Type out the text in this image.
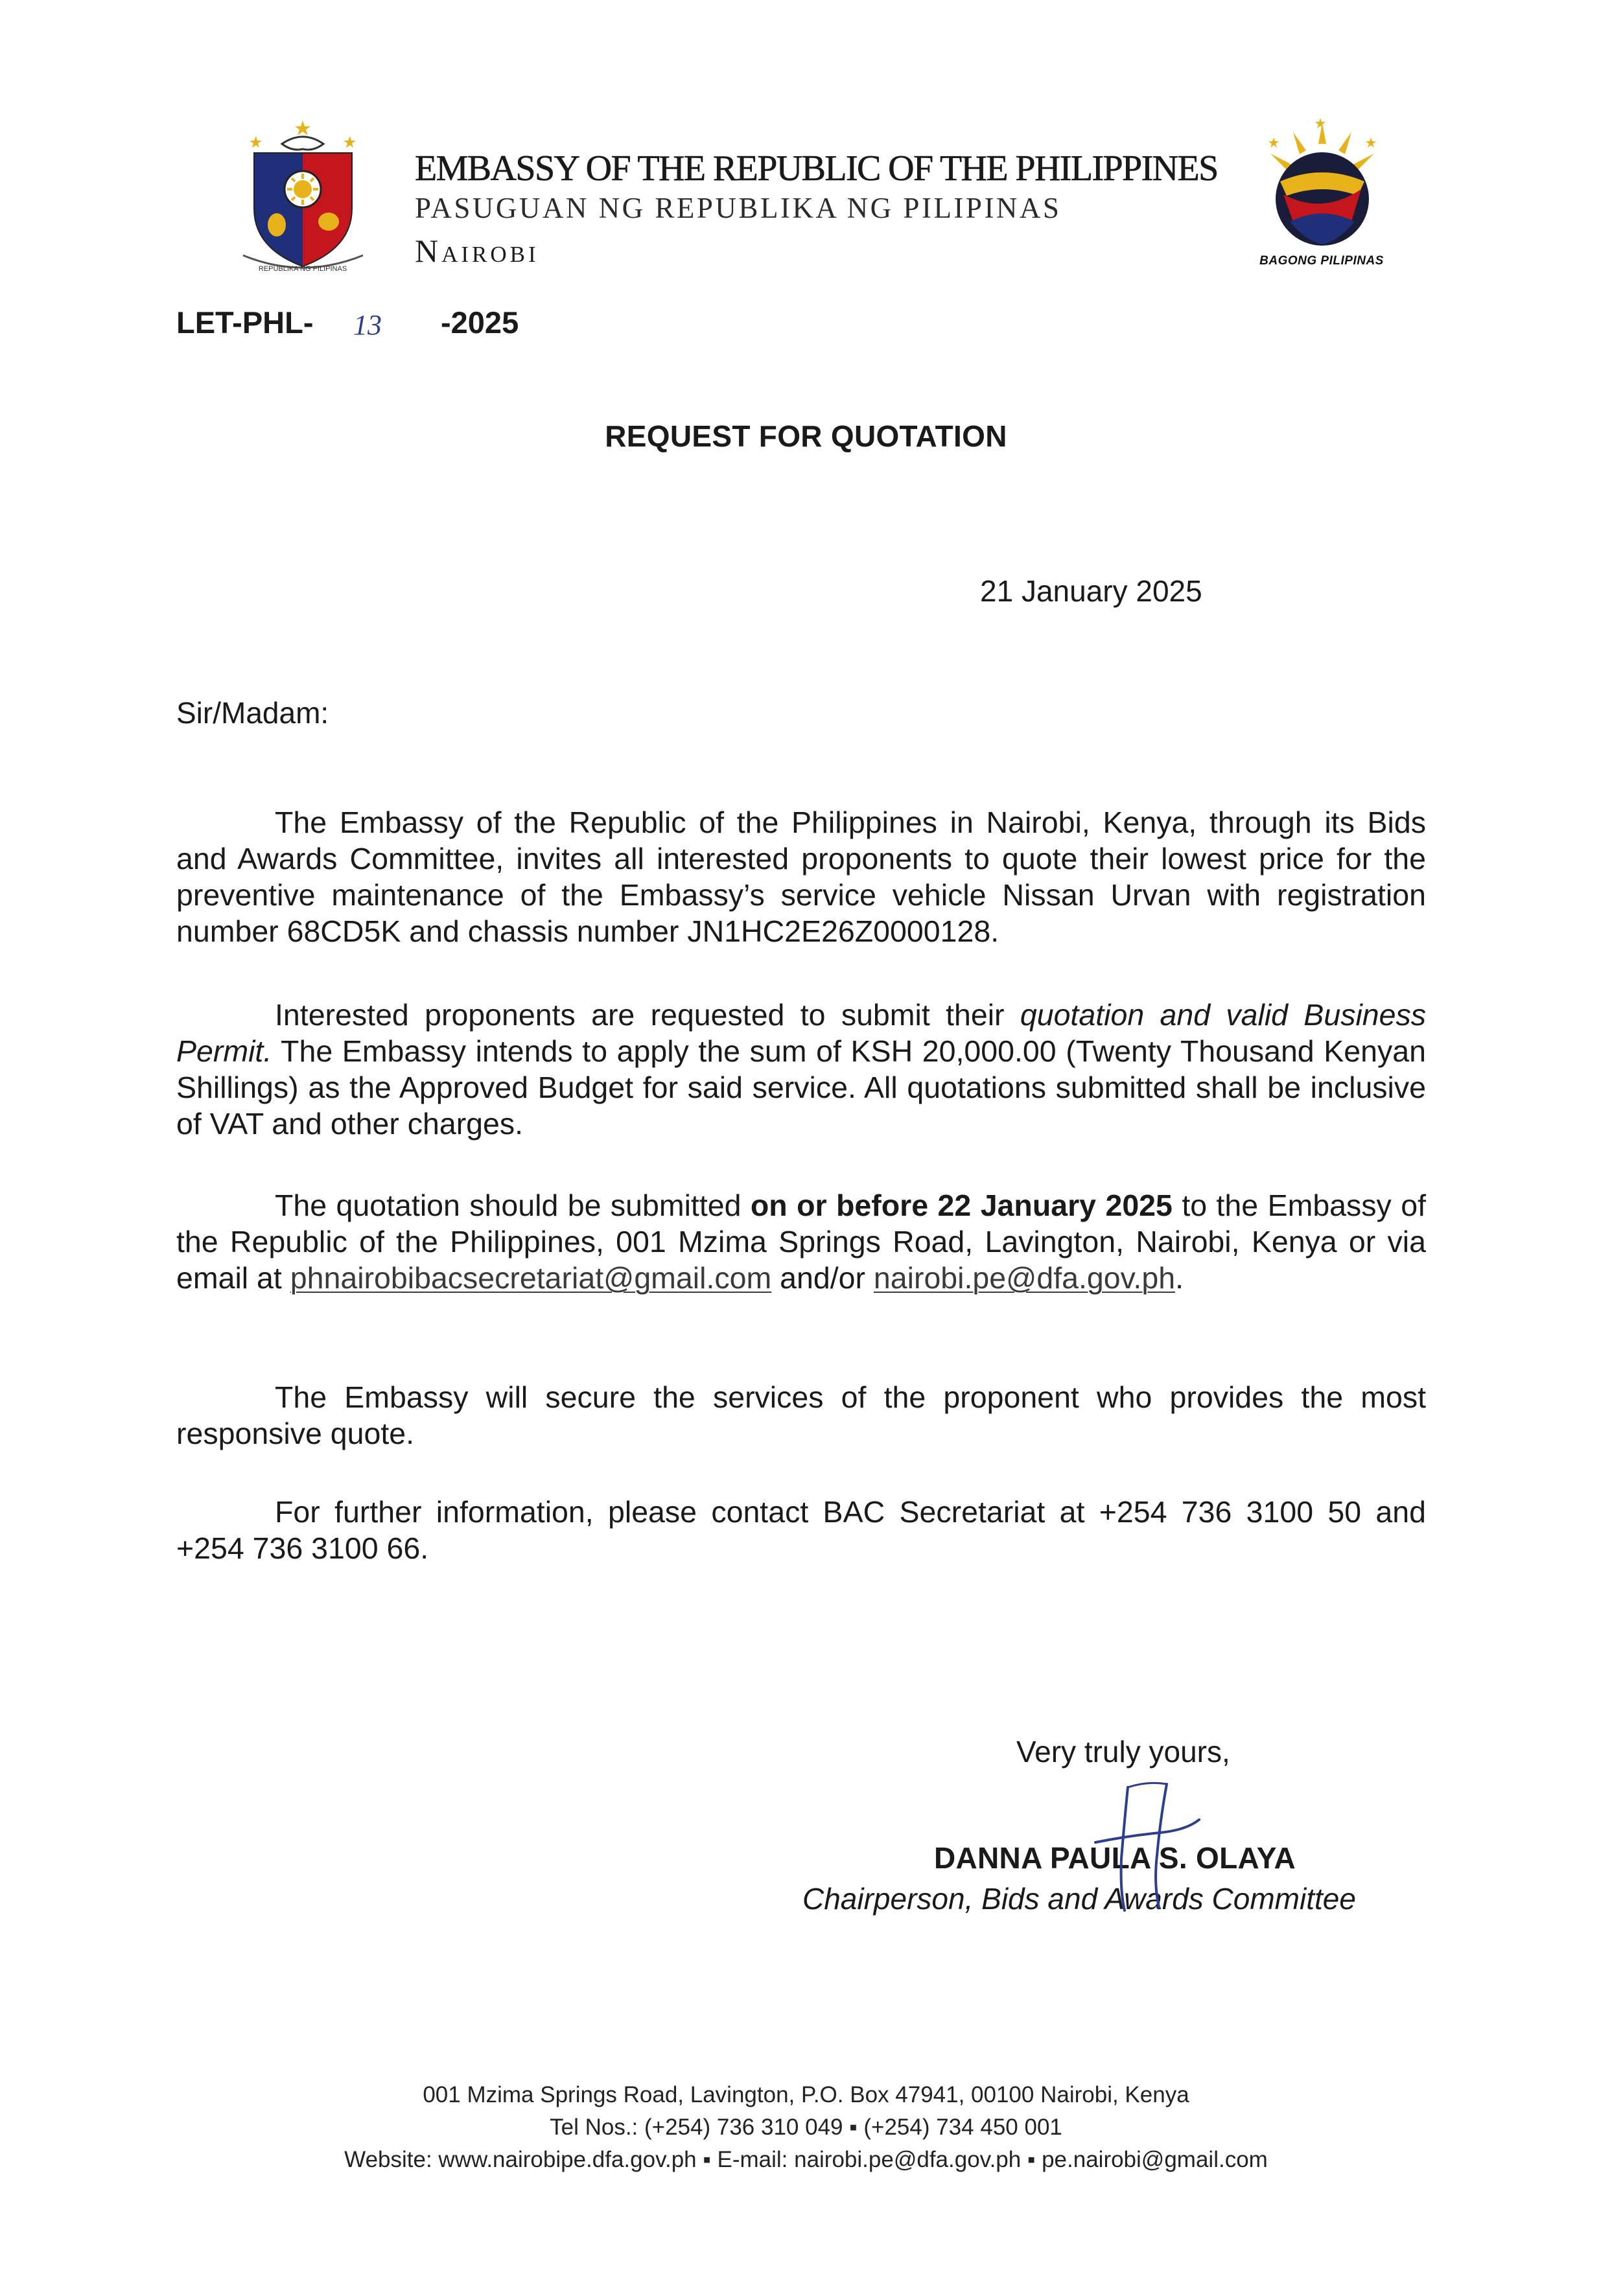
REPUBLIKA NG PILIPINAS
EMBASSY OF THE REPUBLIC OF THE PHILIPPINES
PASUGUAN NG REPUBLIKA NG PILIPINAS
Nairobi	BAGONG PILIPINAS
LET-PHL- 13 -2025
REQUEST FOR QUOTATION
21 January 2025
Sir/Madam:
The Embassy of the Republic of the Philippines in Nairobi, Kenya, through its Bids and Awards Committee, invites all interested proponents to quote their lowest price for the preventive maintenance of the Embassy’s service vehicle Nissan Urvan with registration number 68CD5K and chassis number JN1HC2E26Z0000128.
Interested proponents are requested to submit their quotation and valid Business Permit. The Embassy intends to apply the sum of KSH 20,000.00 (Twenty Thousand Kenyan Shillings) as the Approved Budget for said service. All quotations submitted shall be inclusive of VAT and other charges.
The quotation should be submitted on or before 22 January 2025 to the Embassy of the Republic of the Philippines, 001 Mzima Springs Road, Lavington, Nairobi, Kenya or via email at phnairobibacsecretariat@gmail.com and/or nairobi.pe@dfa.gov.ph.
The Embassy will secure the services of the proponent who provides the most responsive quote.
For further information, please contact BAC Secretariat at +254 736 3100 50 and +254 736 3100 66.
Very truly yours,
DANNA PAULA S. OLAYA
Chairperson, Bids and Awards Committee
001 Mzima Springs Road, Lavington, P.O. Box 47941, 00100 Nairobi, Kenya
Tel Nos.: (+254) 736 310 049 ▪ (+254) 734 450 001
Website: www.nairobipe.dfa.gov.ph ▪ E-mail: nairobi.pe@dfa.gov.ph ▪ pe.nairobi@gmail.com
